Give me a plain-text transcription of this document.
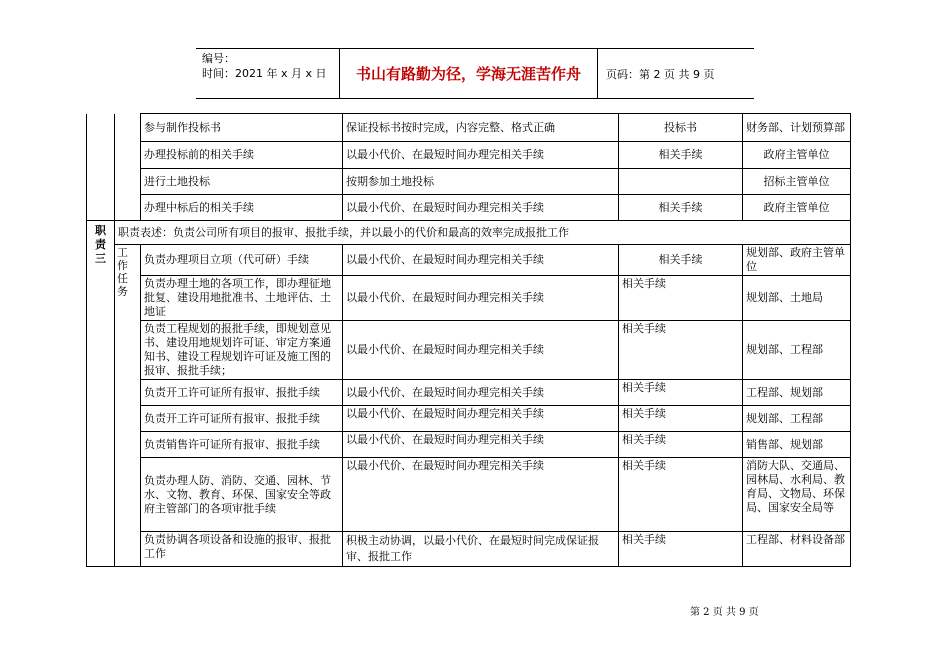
编号：
时间：2021 年 x 月 x 日	书山有路勤为径，学海无涯苦作舟	页码：第 2 页 共 9 页
		参与制作投标书	保证投标书按时完成，内容完整、格式正确	投标书	财务部、计划预算部
		办理投标前的相关手续	以最小代价、在最短时间办理完相关手续	相关手续	政府主管单位
		进行土地投标	按期参加土地投标		招标主管单位
		办理中标后的相关手续	以最小代价、在最短时间办理完相关手续	相关手续	政府主管单位
职责三	职责表述：负责公司所有项目的报审、报批手续，并以最小的代价和最高的效率完成报批工作				
	工作任务	负责办理项目立项（代可研）手续	以最小代价、在最短时间办理完相关手续	相关手续	规划部、政府主管单位
		负责办理土地的各项工作，即办理征地批复、建设用地批准书、土地评估、土地证	以最小代价、在最短时间办理完相关手续	相关手续	规划部、土地局
		负责工程规划的报批手续，即规划意见书、建设用地规划许可证、审定方案通知书、建设工程规划许可证及施工图的报审、报批手续；	以最小代价、在最短时间办理完相关手续	相关手续	规划部、工程部
		负责开工许可证所有报审、报批手续	以最小代价、在最短时间办理完相关手续	相关手续	工程部、规划部
		负责开工许可证所有报审、报批手续	以最小代价、在最短时间办理完相关手续	相关手续	规划部、工程部
		负责销售许可证所有报审、报批手续	以最小代价、在最短时间办理完相关手续	相关手续	销售部、规划部
		负责办理人防、消防、交通、园林、节水、文物、教育、环保、国家安全等政府主管部门的各项审批手续	以最小代价、在最短时间办理完相关手续	相关手续	消防大队、交通局、园林局、水利局、教育局、文物局、环保局、国家安全局等
		负责协调各项设备和设施的报审、报批工作	积极主动协调，以最小代价、在最短时间完成保证报审、报批工作	相关手续	工程部、材料设备部
第 2 页 共 9 页
